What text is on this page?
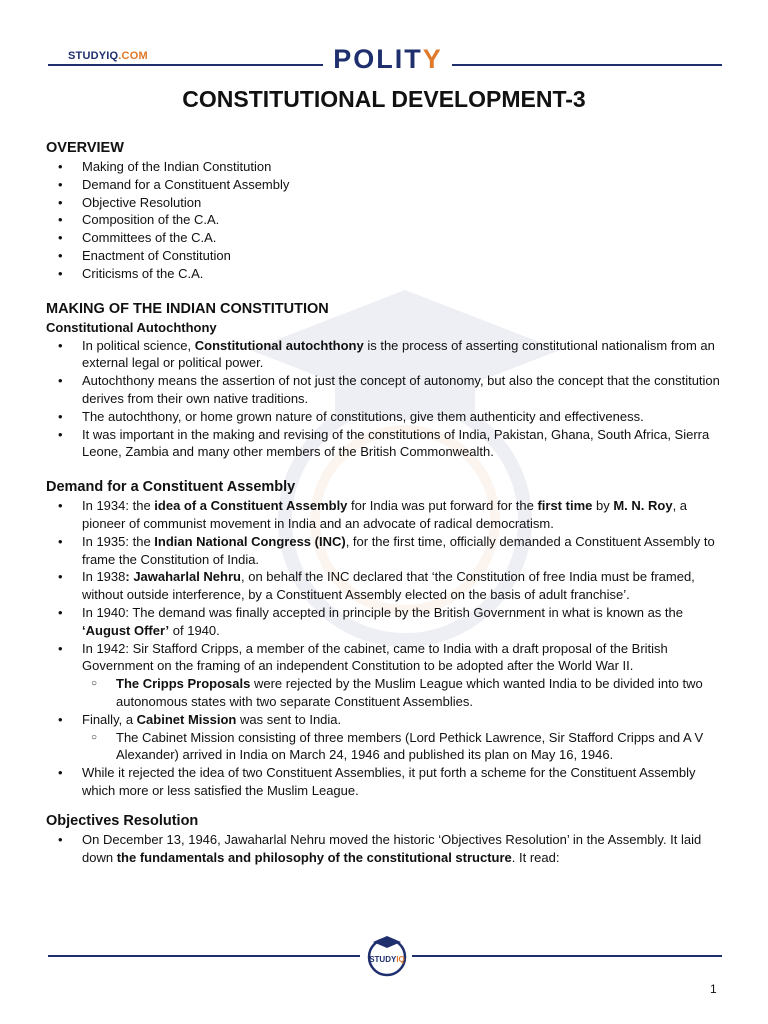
STUDYIQ.COM	POLITY
CONSTITUTIONAL DEVELOPMENT-3
OVERVIEW
• Making of the Indian Constitution
• Demand for a Constituent Assembly
• Objective Resolution
• Composition of the C.A.
• Committees of the C.A.
• Enactment of Constitution
• Criticisms of the C.A.
MAKING OF THE INDIAN CONSTITUTION
Constitutional Autochthony
• In political science, Constitutional autochthony is the process of asserting constitutional nationalism from an external legal or political power.
• Autochthony means the assertion of not just the concept of autonomy, but also the concept that the constitution derives from their own native traditions.
• The autochthony, or home grown nature of constitutions, give them authenticity and effectiveness.
• It was important in the making and revising of the constitutions of India, Pakistan, Ghana, South Africa, Sierra Leone, Zambia and many other members of the British Commonwealth.
Demand for a Constituent Assembly
• In 1934: the idea of a Constituent Assembly for India was put forward for the first time by M. N. Roy, a pioneer of communist movement in India and an advocate of radical democratism.
• In 1935: the Indian National Congress (INC), for the first time, officially demanded a Constituent Assembly to frame the Constitution of India.
• In 1938: Jawaharlal Nehru, on behalf the INC declared that ‘the Constitution of free India must be framed, without outside interference, by a Constituent Assembly elected on the basis of adult franchise’.
• In 1940: The demand was finally accepted in principle by the British Government in what is known as the ‘August Offer’ of 1940.
• In 1942: Sir Stafford Cripps, a member of the cabinet, came to India with a draft proposal of the British Government on the framing of an independent Constitution to be adopted after the World War II.
○ The Cripps Proposals were rejected by the Muslim League which wanted India to be divided into two autonomous states with two separate Constituent Assemblies.
• Finally, a Cabinet Mission was sent to India.
○ The Cabinet Mission consisting of three members (Lord Pethick Lawrence, Sir Stafford Cripps and A V Alexander) arrived in India on March 24, 1946 and published its plan on May 16, 1946.
• While it rejected the idea of two Constituent Assemblies, it put forth a scheme for the Constituent Assembly which more or less satisfied the Muslim League.
Objectives Resolution
• On December 13, 1946, Jawaharlal Nehru moved the historic ‘Objectives Resolution’ in the Assembly. It laid down the fundamentals and philosophy of the constitutional structure. It read:
STUDYIQ
1
